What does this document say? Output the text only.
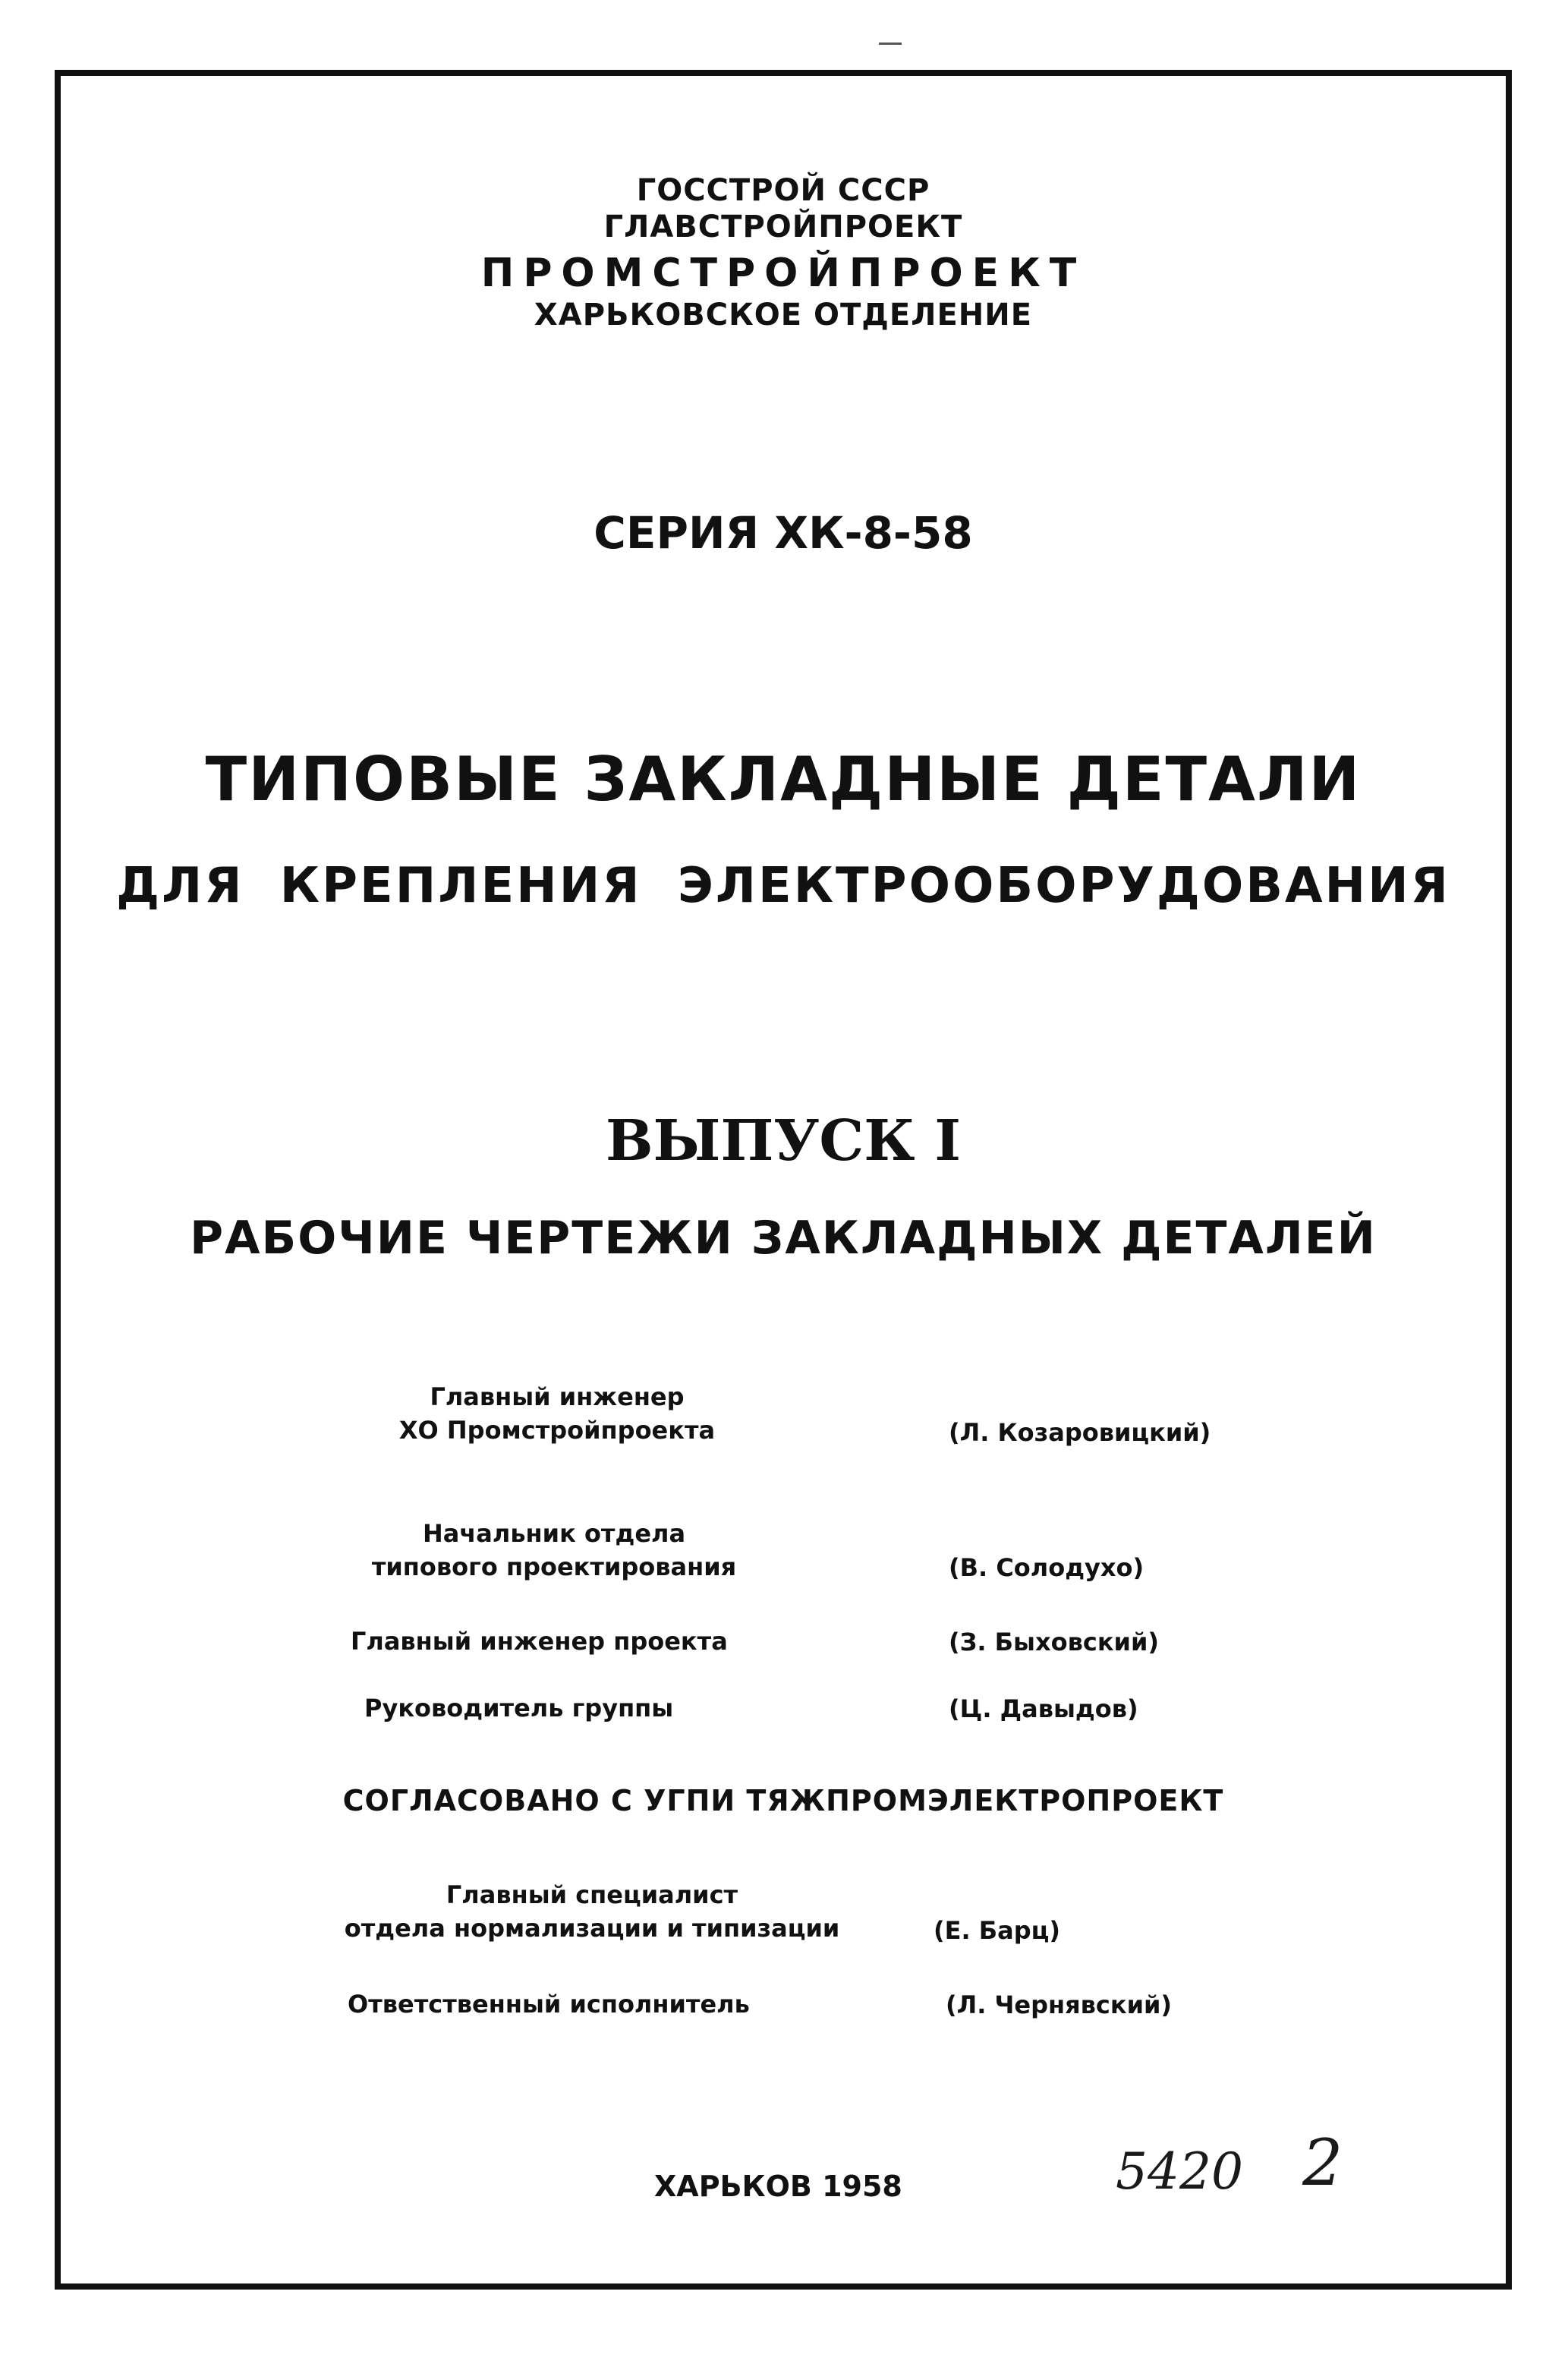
ГОССТРОЙ СССР
ГЛАВСТРОЙПРОЕКТ
ПРОМСТРОЙПРОЕКТ
ХАРЬКОВСКОЕ ОТДЕЛЕНИЕ
СЕРИЯ ХК-8-58
ТИПОВЫЕ ЗАКЛАДНЫЕ ДЕТАЛИ
ДЛЯ КРЕПЛЕНИЯ ЭЛЕКТРООБОРУДОВАНИЯ
ВЫПУСК I
РАБОЧИЕ ЧЕРТЕЖИ ЗАКЛАДНЫХ ДЕТАЛЕЙ
Главный инженер
ХО Промстройпроекта	(Л. Козаровицкий)
Начальник отдела
типового проектирования	(В. Солодухо)
Главный инженер проекта	(З. Быховский)
Руководитель группы	(Ц. Давыдов)
СОГЛАСОВАНО С УГПИ ТЯЖПРОМЭЛЕКТРОПРОЕКТ
Главный специалист
отдела нормализации и типизации	(Е. Барц)
Ответственный исполнитель	(Л. Чернявский)
ХАРЬКОВ 1958	5420 2
